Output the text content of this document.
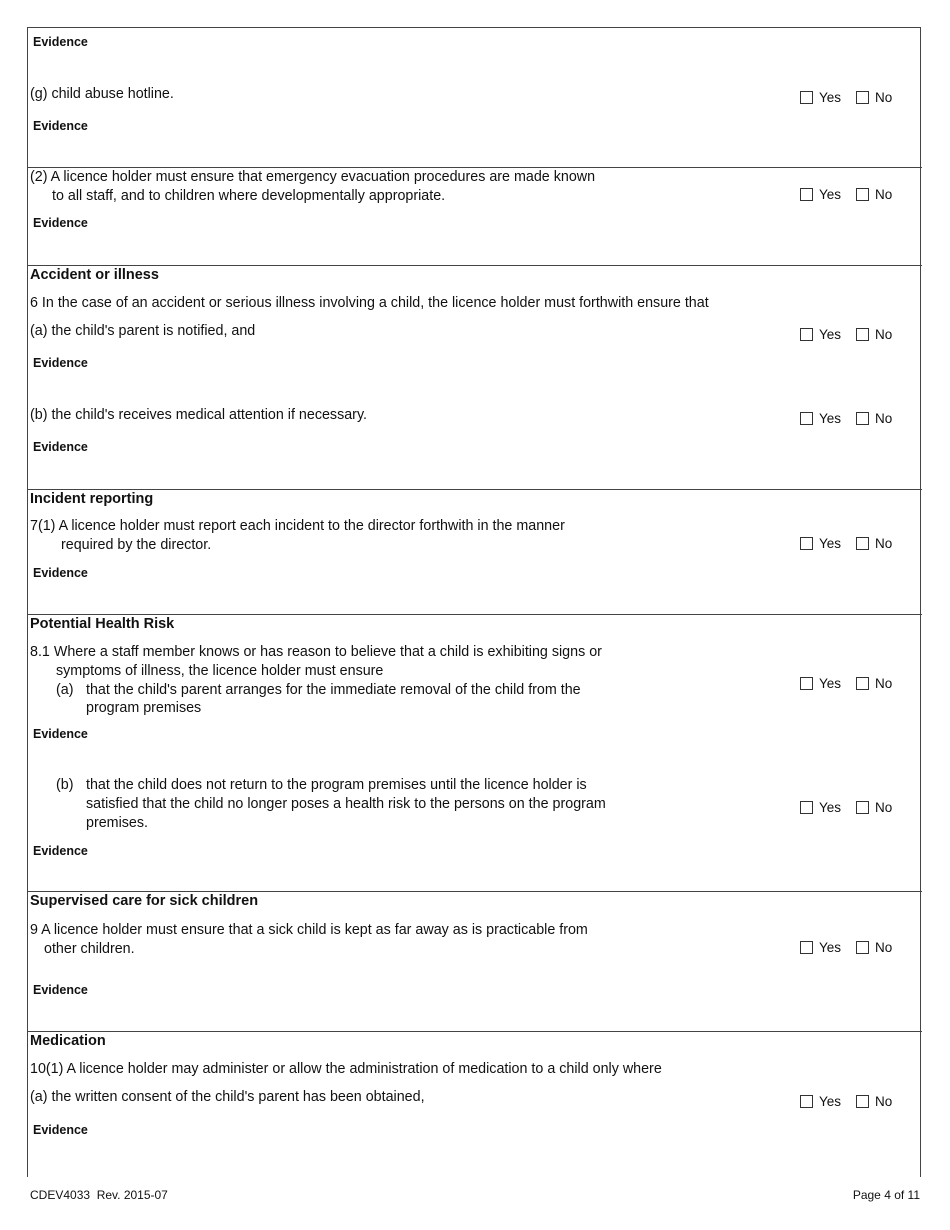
Evidence
(g) child abuse hotline.	Yes	No
Evidence
(2) A licence holder must ensure that emergency evacuation procedures are made known
to all staff, and to children where developmentally appropriate.	Yes	No
Evidence
Accident or illness
6 In the case of an accident or serious illness involving a child, the licence holder must forthwith ensure that
(a) the child's parent is notified, and	Yes	No
Evidence
(b) the child's receives medical attention if necessary.	Yes	No
Evidence
Incident reporting
7(1) A licence holder must report each incident to the director forthwith in the manner
required by the director.	Yes	No
Evidence
Potential Health Risk
8.1 Where a staff member knows or has reason to believe that a child is exhibiting signs or
symptoms of illness, the licence holder must ensure
(a) that the child's parent arranges for the immediate removal of the child from the
program premises
Yes	No
Evidence
(b) that the child does not return to the program premises until the licence holder is
satisfied that the child no longer poses a health risk to the persons on the program
premises.
Yes	No
Evidence
Supervised care for sick children
9 A licence holder must ensure that a sick child is kept as far away as is practicable from
other children.	Yes	No
Evidence
Medication
10(1) A licence holder may administer or allow the administration of medication to a child only where
(a) the written consent of the child's parent has been obtained,	Yes	No
Evidence
CDEV4033  Rev. 2015-07	Page 4 of 11
